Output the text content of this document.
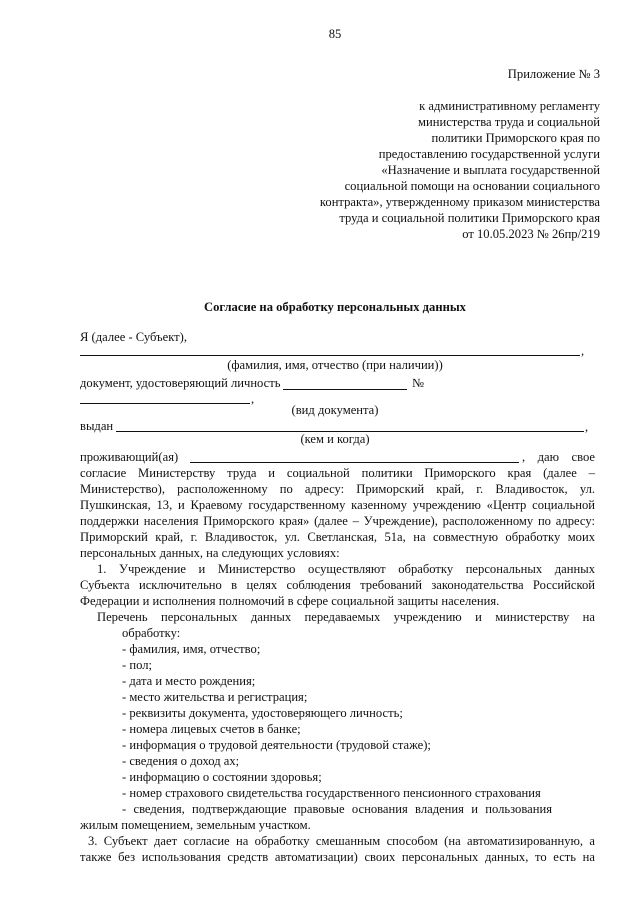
85
Приложение № 3
к административному регламенту
министерства труда и социальной
политики Приморского края по
предоставлению государственной услуги
«Назначение и выплата государственной
социальной помощи на основании социального
контракта», утвержденному приказом министерства
труда и социальной политики Приморского края
от 10.05.2023 № 26пр/219
Согласие на обработку персональных данных
Я (далее - Субъект),
,
(фамилия, имя, отчество (при наличии))
документ, удостоверяющий личность	№
,
(вид документа)
выдан	,
(кем и когда)
проживающий(ая)	, даю свое
согласие Министерству труда и социальной политики Приморского края (далее –
Министерство), расположенному по адресу: Приморский край, г. Владивосток, ул.
Пушкинская, 13, и Краевому государственному казенному учреждению «Центр социальной
поддержки населения Приморского края» (далее – Учреждение), расположенному по адресу:
Приморский край, г. Владивосток, ул. Светланская, 51а, на совместную обработку моих
персональных данных, на следующих условиях:
1. Учреждение и Министерство осуществляют обработку персональных данных
Субъекта исключительно в целях соблюдения требований законодательства Российской
Федерации и исполнения полномочий в сфере социальной защиты населения.
Перечень персональных данных передаваемых учреждению и министерству на
обработку:
- фамилия, имя, отчество;
- пол;
- дата и место рождения;
- место жительства и регистрация;
- реквизиты документа, удостоверяющего личность;
- номера лицевых счетов в банке;
- информация о трудовой деятельности (трудовой стаже);
- сведения о доход ах;
- информацию о состоянии здоровья;
- номер страхового свидетельства государственного пенсионного страхования
- сведения, подтверждающие правовые основания владения и пользования
жилым помещением, земельным участком.
3. Субъект дает согласие на обработку смешанным способом (на автоматизированную, а
также без использования средств автоматизации) своих персональных данных, то есть на
